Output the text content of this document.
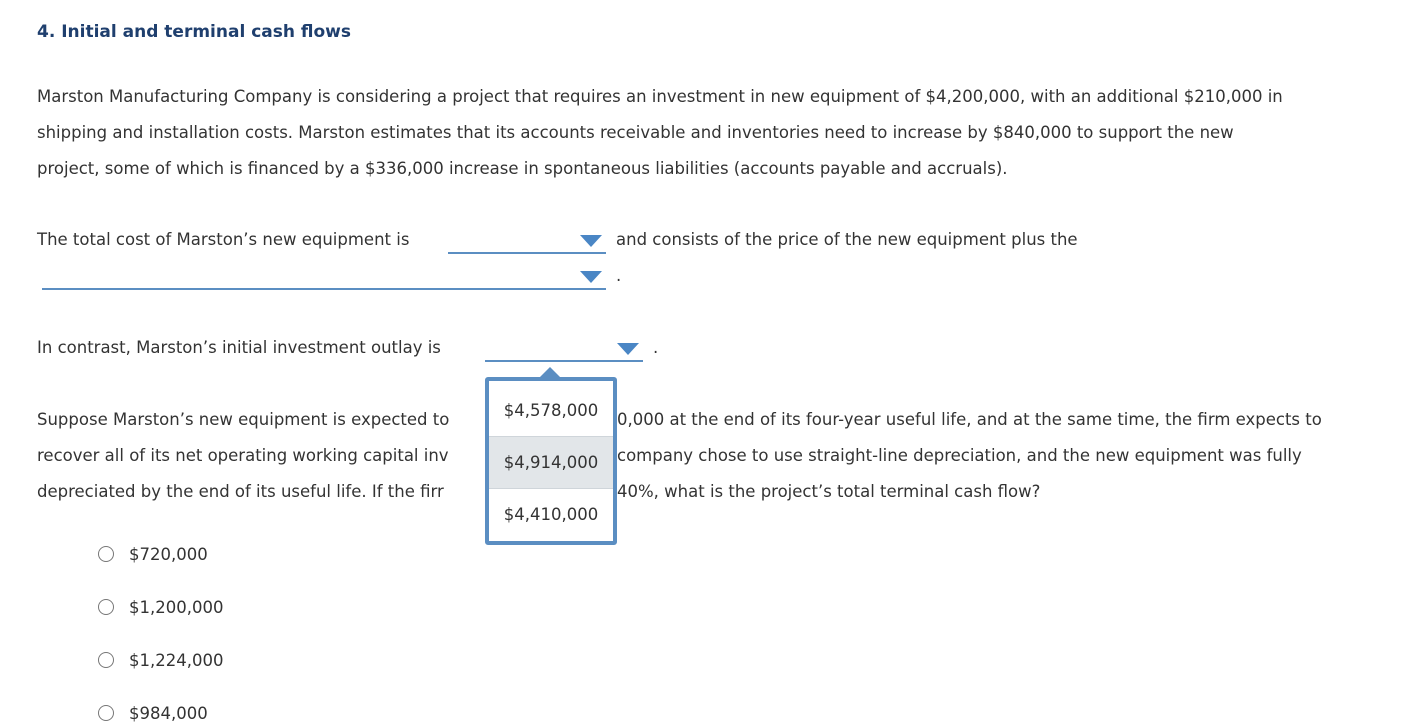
4. Initial and terminal cash flows
Marston Manufacturing Company is considering a project that requires an investment in new equipment of $4,200,000, with an additional $210,000 in
shipping and installation costs. Marston estimates that its accounts receivable and inventories need to increase by $840,000 to support the new
project, some of which is financed by a $336,000 increase in spontaneous liabilities (accounts payable and accruals).
The total cost of Marston’s new equipment is	and consists of the price of the new equipment plus the
.
In contrast, Marston’s initial investment outlay is	.
Suppose Marston’s new equipment is expected to	0,000 at the end of its four-year useful life, and at the same time, the firm expects to
recover all of its net operating working capital inv	company chose to use straight-line depreciation, and the new equipment was fully
depreciated by the end of its useful life. If the firr	40%, what is the project’s total terminal cash flow?
$4,578,000
$4,914,000
$4,410,000
$720,000
$1,200,000
$1,224,000
$984,000
